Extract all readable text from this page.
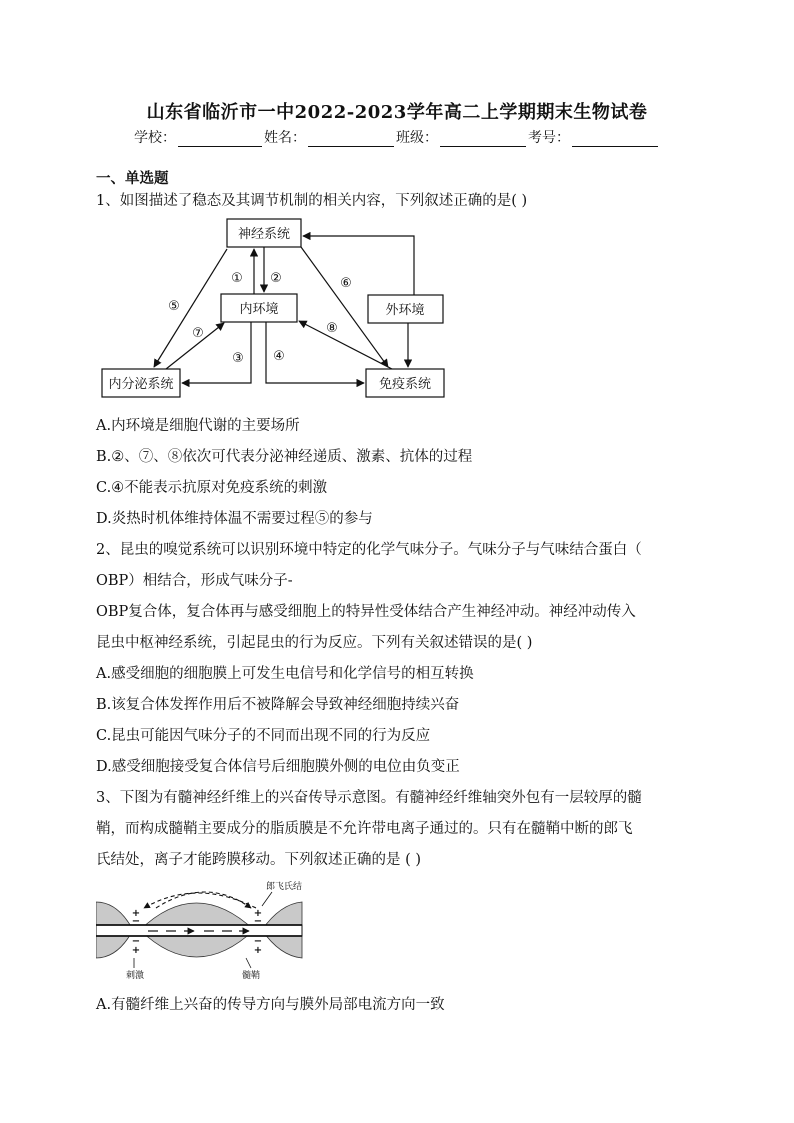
山东省临沂市一中2022-2023学年高二上学期期末生物试卷
学校：	姓名：	班级：	考号：
一、单选题
1、如图描述了稳态及其调节机制的相关内容，下列叙述正确的是( )
神经系统
内环境	外环境
内分泌系统	免疫系统
① ②
③ ④
⑤
⑥
⑦	⑧
A.内环境是细胞代谢的主要场所
B.②、⑦、⑧依次可代表分泌神经递质、激素、抗体的过程
C.④不能表示抗原对免疫系统的刺激
D.炎热时机体维持体温不需要过程⑤的参与
2、昆虫的嗅觉系统可以识别环境中特定的化学气味分子。气味分子与气味结合蛋白（
OBP）相结合，形成气味分子-
OBP复合体，复合体再与感受细胞上的特异性受体结合产生神经冲动。神经冲动传入
昆虫中枢神经系统，引起昆虫的行为反应。下列有关叙述错误的是( )
A.感受细胞的细胞膜上可发生电信号和化学信号的相互转换
B.该复合体发挥作用后不被降解会导致神经细胞持续兴奋
C.昆虫可能因气味分子的不同而出现不同的行为反应
D.感受细胞接受复合体信号后细胞膜外侧的电位由负变正
3、下图为有髓神经纤维上的兴奋传导示意图。有髓神经纤维轴突外包有一层较厚的髓
鞘，而构成髓鞘主要成分的脂质膜是不允许带电离子通过的。只有在髓鞘中断的郎飞
氏结处，离子才能跨膜移动。下列叙述正确的是 ( )
+
−
−
+
+
−
−
+
郎飞氏结
刺激	髓鞘
A.有髓纤维上兴奋的传导方向与膜外局部电流方向一致
